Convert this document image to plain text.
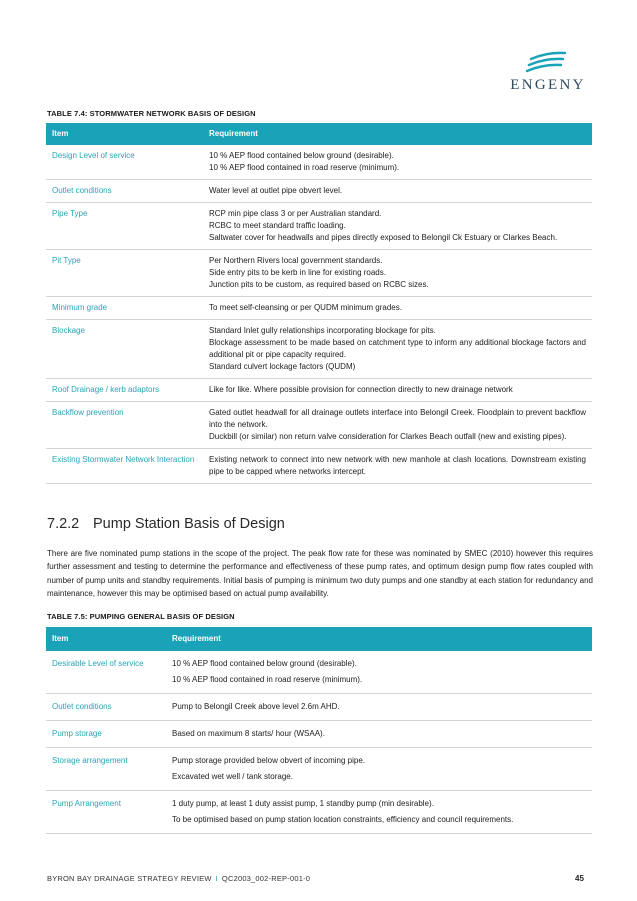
ENGENY
TABLE 7.4: STORMWATER NETWORK BASIS OF DESIGN
Item	Requirement
Design Level of service	10 % AEP flood contained below ground (desirable).
10 % AEP flood contained in road reserve (minimum).

Outlet conditions	Water level at outlet pipe obvert level.

Pipe Type	RCP min pipe class 3 or per Australian standard.
RCBC to meet standard traffic loading.
Saltwater cover for headwalls and pipes directly exposed to Belongil Ck Estuary or Clarkes Beach.

Pit Type	Per Northern Rivers local government standards.
Side entry pits to be kerb in line for existing roads.
Junction pits to be custom, as required based on RCBC sizes.

Minimum grade	To meet self-cleansing or per QUDM minimum grades.

Blockage	Standard Inlet gully relationships incorporating blockage for pits.
Blockage assessment to be made based on catchment type to inform any additional blockage factors and additional pit or pipe capacity required.
Standard culvert lockage factors (QUDM)

Roof Drainage / kerb adaptors	Like for like. Where possible provision for connection directly to new drainage network

Backflow prevention	Gated outlet headwall for all drainage outlets interface into Belongil Creek. Floodplain to prevent backflow into the network.
Duckbill (or similar) non return valve consideration for Clarkes Beach outfall (new and existing pipes).

Existing Stormwater Network Interaction	Existing network to connect into new network with new manhole at clash locations. Downstream existing pipe to be capped where networks intercept.
7.2.2 Pump Station Basis of Design
There are five nominated pump stations in the scope of the project. The peak flow rate for these was nominated by SMEC (2010) however this requires further assessment and testing to determine the performance and effectiveness of these pump rates, and optimum design pump flow rates coupled with number of pump units and standby requirements. Initial basis of pumping is minimum two duty pumps and one standby at each station for redundancy and maintenance, however this may be optimised based on actual pump availability.
TABLE 7.5: PUMPING GENERAL BASIS OF DESIGN
Item	Requirement
Desirable Level of service	10 % AEP flood contained below ground (desirable).
10 % AEP flood contained in road reserve (minimum).

Outlet conditions	Pump to Belongil Creek above level 2.6m AHD.

Pump storage	Based on maximum 8 starts/ hour (WSAA).

Storage arrangement	Pump storage provided below obvert of incoming pipe.
Excavated wet well / tank storage.

Pump Arrangement	1 duty pump, at least 1 duty assist pump, 1 standby pump (min desirable).
To be optimised based on pump station location constraints, efficiency and council requirements.
BYRON BAY DRAINAGE STRATEGY REVIEW I QC2003_002-REP-001-0	45
